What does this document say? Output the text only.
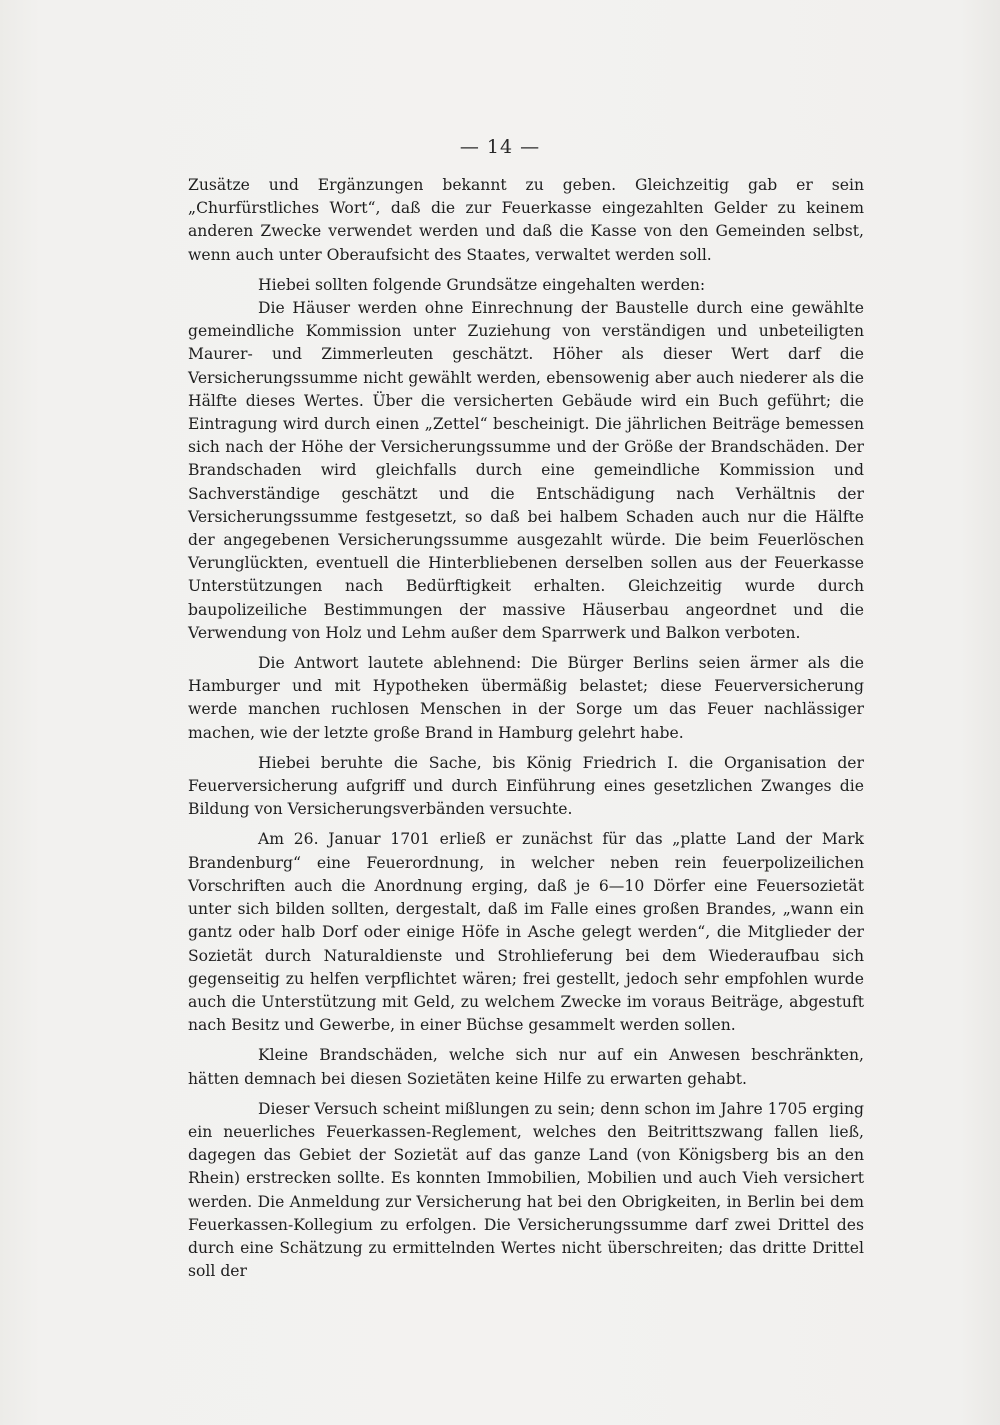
— 14 —

Zusätze und Ergänzungen bekannt zu geben. Gleichzeitig gab er sein „Churfürstliches Wort“, daß die zur Feuerkasse eingezahlten Gelder zu keinem anderen Zwecke verwendet werden und daß die Kasse von den Gemeinden selbst, wenn auch unter Oberaufsicht des Staates, verwaltet werden soll.

Hiebei sollten folgende Grundsätze eingehalten werden:

Die Häuser werden ohne Einrechnung der Baustelle durch eine gewählte gemeindliche Kommission unter Zuziehung von verständigen und unbeteiligten Maurer- und Zimmerleuten geschätzt. Höher als dieser Wert darf die Versicherungssumme nicht gewählt werden, ebensowenig aber auch niederer als die Hälfte dieses Wertes. Über die versicherten Gebäude wird ein Buch geführt; die Eintragung wird durch einen „Zettel“ bescheinigt. Die jährlichen Beiträge bemessen sich nach der Höhe der Versicherungssumme und der Größe der Brandschäden. Der Brandschaden wird gleichfalls durch eine gemeindliche Kommission und Sachverständige geschätzt und die Entschädigung nach Verhältnis der Versicherungssumme festgesetzt, so daß bei halbem Schaden auch nur die Hälfte der angegebenen Versicherungssumme ausgezahlt würde. Die beim Feuerlöschen Verunglückten, eventuell die Hinterbliebenen derselben sollen aus der Feuerkasse Unterstützungen nach Bedürftigkeit erhalten. Gleichzeitig wurde durch baupolizeiliche Bestimmungen der massive Häuserbau angeordnet und die Verwendung von Holz und Lehm außer dem Sparrwerk und Balkon verboten.

Die Antwort lautete ablehnend: Die Bürger Berlins seien ärmer als die Hamburger und mit Hypotheken übermäßig belastet; diese Feuerversicherung werde manchen ruchlosen Menschen in der Sorge um das Feuer nachlässiger machen, wie der letzte große Brand in Hamburg gelehrt habe.

Hiebei beruhte die Sache, bis König Friedrich I. die Organisation der Feuerversicherung aufgriff und durch Einführung eines gesetzlichen Zwanges die Bildung von Versicherungsverbänden versuchte.

Am 26. Januar 1701 erließ er zunächst für das „platte Land der Mark Brandenburg“ eine Feuerordnung, in welcher neben rein feuerpolizeilichen Vorschriften auch die Anordnung erging, daß je 6—10 Dörfer eine Feuersozietät unter sich bilden sollten, dergestalt, daß im Falle eines großen Brandes, „wann ein gantz oder halb Dorf oder einige Höfe in Asche gelegt werden“, die Mitglieder der Sozietät durch Naturaldienste und Strohlieferung bei dem Wiederaufbau sich gegenseitig zu helfen verpflichtet wären; frei gestellt, jedoch sehr empfohlen wurde auch die Unterstützung mit Geld, zu welchem Zwecke im voraus Beiträge, abgestuft nach Besitz und Gewerbe, in einer Büchse gesammelt werden sollen.

Kleine Brandschäden, welche sich nur auf ein Anwesen beschränkten, hätten demnach bei diesen Sozietäten keine Hilfe zu erwarten gehabt.

Dieser Versuch scheint mißlungen zu sein; denn schon im Jahre 1705 erging ein neuerliches Feuerkassen-Reglement, welches den Beitrittszwang fallen ließ, dagegen das Gebiet der Sozietät auf das ganze Land (von Königsberg bis an den Rhein) erstrecken sollte. Es konnten Immobilien, Mobilien und auch Vieh versichert werden. Die Anmeldung zur Versicherung hat bei den Obrigkeiten, in Berlin bei dem Feuerkassen-Kollegium zu erfolgen. Die Versicherungssumme darf zwei Drittel des durch eine Schätzung zu ermittelnden Wertes nicht überschreiten; das dritte Drittel soll der
